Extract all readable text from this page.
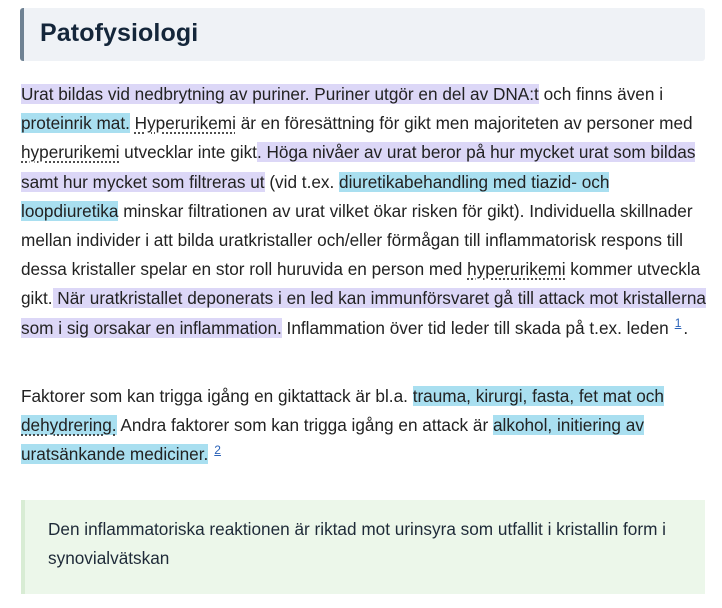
Patofysiologi

Urat bildas vid nedbrytning av puriner. Puriner utgör en del av DNA:t och finns även i proteinrik mat. Hyperurikemi är en föresättning för gikt men majoriteten av personer med hyperurikemi utvecklar inte gikt. Höga nivåer av urat beror på hur mycket urat som bildas samt hur mycket som filtreras ut (vid t.ex. diuretikabehandling med tiazid- och loopdiuretika minskar filtrationen av urat vilket ökar risken för gikt). Individuella skillnader mellan individer i att bilda uratkristaller och/eller förmågan till inflammatorisk respons till dessa kristaller spelar en stor roll huruvida en person med hyperurikemi kommer utveckla gikt. När uratkristallet deponerats i en led kan immunförsvaret gå till attack mot kristallerna som i sig orsakar en inflammation. Inflammation över tid leder till skada på t.ex. leden $^1$ .

Faktorer som kan trigga igång en giktattack är bl.a. trauma, kirurgi, fasta, fet mat och dehydrering. Andra faktorer som kan trigga igång en attack är alkohol, initiering av uratsänkande mediciner. $^2$

Den inflammatoriska reaktionen är riktad mot urinsyra som utfallit i kristallin form i synovialvätskan
